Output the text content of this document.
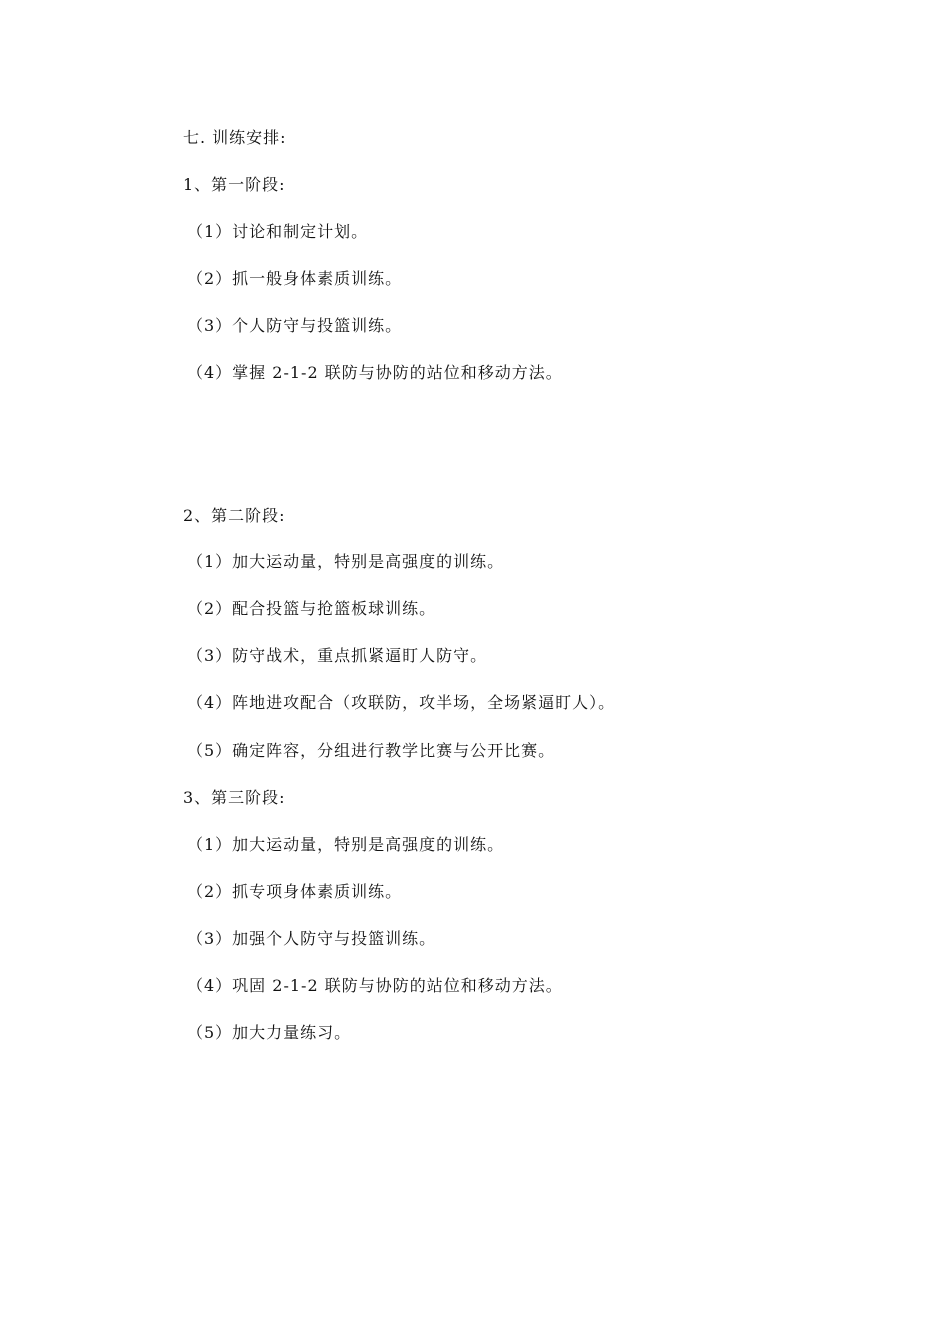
七. 训练安排:
1、第一阶段:
（1）讨论和制定计划。
（2）抓一般身体素质训练。
（3）个人防守与投篮训练。
（4）掌握 2-1-2 联防与协防的站位和移动方法。
2、第二阶段:
（1）加大运动量，特别是高强度的训练。
（2）配合投篮与抢篮板球训练。
（3）防守战术，重点抓紧逼盯人防守。
（4）阵地进攻配合（攻联防，攻半场，全场紧逼盯人）。
（5）确定阵容，分组进行教学比赛与公开比赛。
3、第三阶段:
（1）加大运动量，特别是高强度的训练。
（2）抓专项身体素质训练。
（3）加强个人防守与投篮训练。
（4）巩固 2-1-2 联防与协防的站位和移动方法。
（5）加大力量练习。
